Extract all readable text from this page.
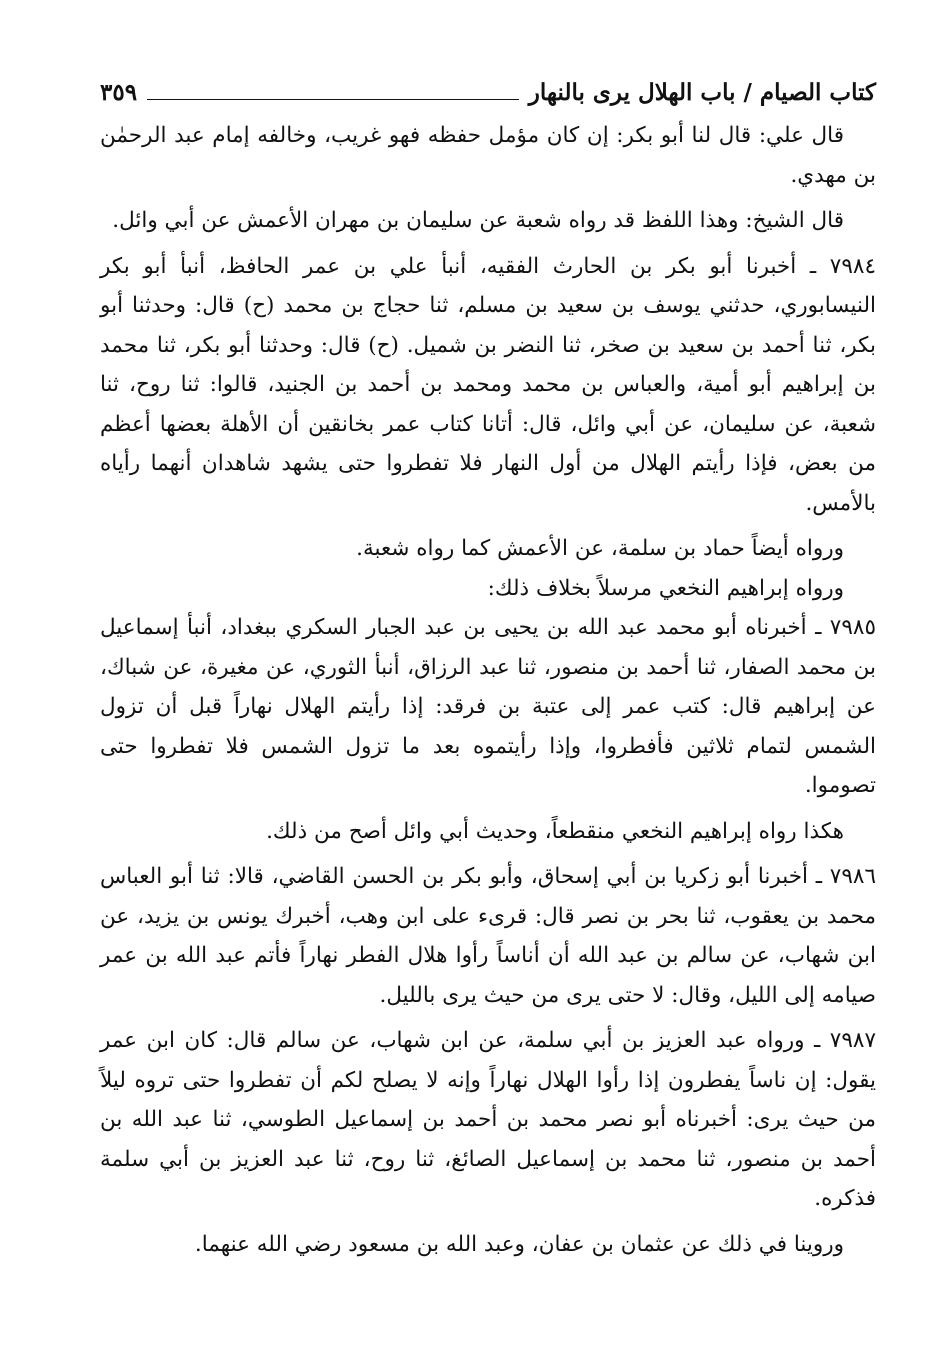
كتاب الصيام / باب الهلال يرى بالنهار
٣٥٩

قال علي: قال لنا أبو بكر: إن كان مؤمل حفظه فهو غريب، وخالفه إمام عبد الرحمٰن بن مهدي.

قال الشيخ: وهذا اللفظ قد رواه شعبة عن سليمان بن مهران الأعمش عن أبي وائل.

٧٩٨٤ ـ أخبرنا أبو بكر بن الحارث الفقيه، أنبأ علي بن عمر الحافظ، أنبأ أبو بكر النيسابوري، حدثني يوسف بن سعيد بن مسلم، ثنا حجاج بن محمد (ح) قال: وحدثنا أبو بكر، ثنا أحمد بن سعيد بن صخر، ثنا النضر بن شميل. (ح) قال: وحدثنا أبو بكر، ثنا محمد بن إبراهيم أبو أمية، والعباس بن محمد ومحمد بن أحمد بن الجنيد، قالوا: ثنا روح، ثنا شعبة، عن سليمان، عن أبي وائل، قال: أتانا كتاب عمر بخانقين أن الأهلة بعضها أعظم من بعض، فإذا رأيتم الهلال من أول النهار فلا تفطروا حتى يشهد شاهدان أنهما رأياه بالأمس.

ورواه أيضاً حماد بن سلمة، عن الأعمش كما رواه شعبة.

ورواه إبراهيم النخعي مرسلاً بخلاف ذلك:

٧٩٨٥ ـ أخبرناه أبو محمد عبد الله بن يحيى بن عبد الجبار السكري ببغداد، أنبأ إسماعيل بن محمد الصفار، ثنا أحمد بن منصور، ثنا عبد الرزاق، أنبأ الثوري، عن مغيرة، عن شباك، عن إبراهيم قال: كتب عمر إلى عتبة بن فرقد: إذا رأيتم الهلال نهاراً قبل أن تزول الشمس لتمام ثلاثين فأفطروا، وإذا رأيتموه بعد ما تزول الشمس فلا تفطروا حتى تصوموا.

هكذا رواه إبراهيم النخعي منقطعاً، وحديث أبي وائل أصح من ذلك.

٧٩٨٦ ـ أخبرنا أبو زكريا بن أبي إسحاق، وأبو بكر بن الحسن القاضي، قالا: ثنا أبو العباس محمد بن يعقوب، ثنا بحر بن نصر قال: قرىء على ابن وهب، أخبرك يونس بن يزيد، عن ابن شهاب، عن سالم بن عبد الله أن أناساً رأوا هلال الفطر نهاراً فأتم عبد الله بن عمر صيامه إلى الليل، وقال: لا حتى يرى من حيث يرى بالليل.

٧٩٨٧ ـ ورواه عبد العزيز بن أبي سلمة، عن ابن شهاب، عن سالم قال: كان ابن عمر يقول: إن ناساً يفطرون إذا رأوا الهلال نهاراً وإنه لا يصلح لكم أن تفطروا حتى تروه ليلاً من حيث يرى: أخبرناه أبو نصر محمد بن أحمد بن إسماعيل الطوسي، ثنا عبد الله بن أحمد بن منصور، ثنا محمد بن إسماعيل الصائغ، ثنا روح، ثنا عبد العزيز بن أبي سلمة فذكره.

وروينا في ذلك عن عثمان بن عفان، وعبد الله بن مسعود رضي الله عنهما.
